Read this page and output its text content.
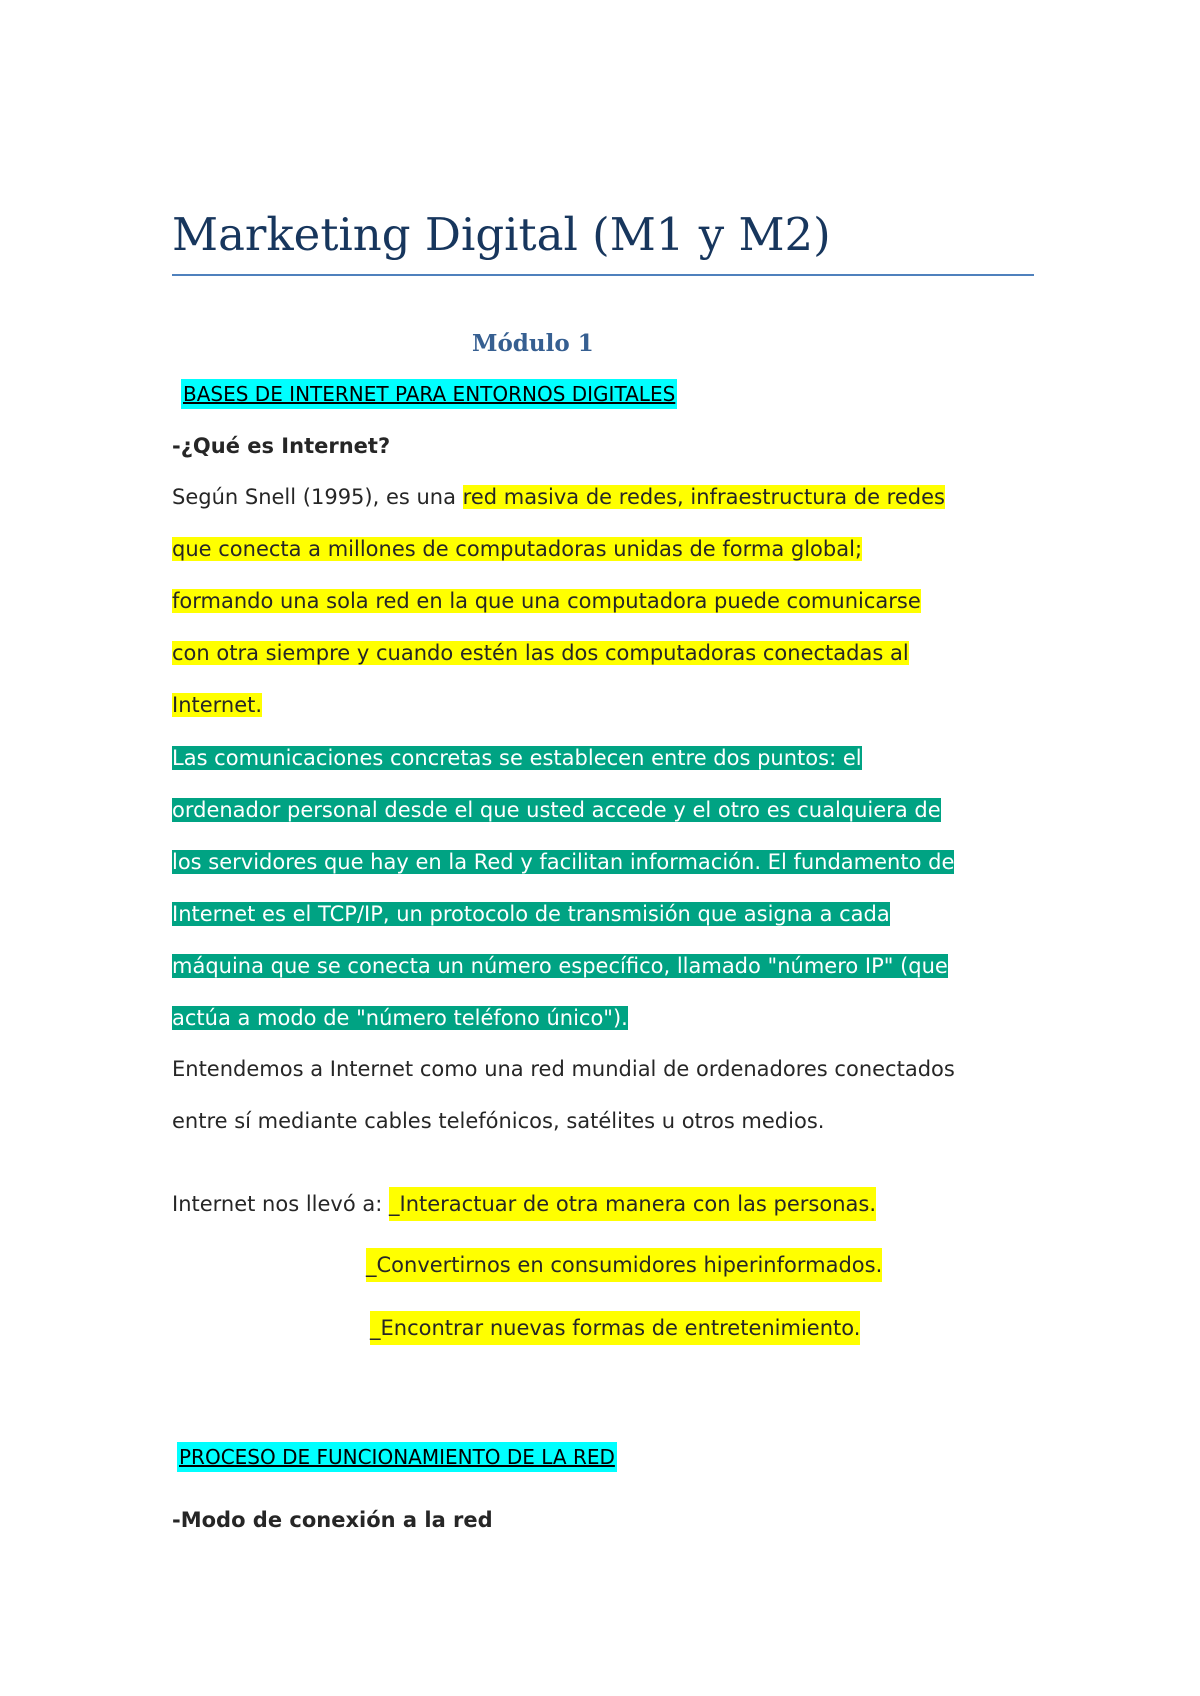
Marketing Digital (M1 y M2)
Módulo 1
BASES DE INTERNET PARA ENTORNOS DIGITALES
-¿Qué es Internet?
Según Snell (1995), es una red masiva de redes, infraestructura de redes
que conecta a millones de computadoras unidas de forma global;
formando una sola red en la que una computadora puede comunicarse
con otra siempre y cuando estén las dos computadoras conectadas al
Internet.
Las comunicaciones concretas se establecen entre dos puntos: el
ordenador personal desde el que usted accede y el otro es cualquiera de
los servidores que hay en la Red y facilitan información. El fundamento de
Internet es el TCP/IP, un protocolo de transmisión que asigna a cada
máquina que se conecta un número específico, llamado "número IP" (que
actúa a modo de "número teléfono único").
Entendemos a Internet como una red mundial de ordenadores conectados
entre sí mediante cables telefónicos, satélites u otros medios.
Internet nos llevó a: _Interactuar de otra manera con las personas.
_Convertirnos en consumidores hiperinformados.
_Encontrar nuevas formas de entretenimiento.
PROCESO DE FUNCIONAMIENTO DE LA RED
-Modo de conexión a la red
